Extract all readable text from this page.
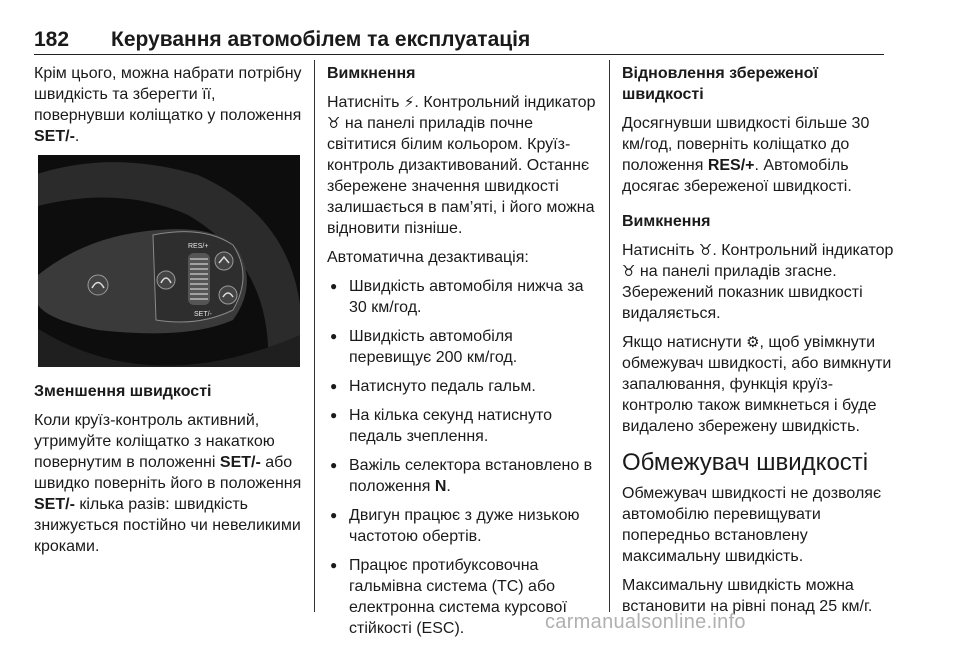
182 Керування автомобілем та експлуатація

Крім цього, можна набрати потрібну швидкість та зберегти її, повернувши коліщатко у положення SET/-.

RES/+
SET/-
Зменшення швидкості

Коли круїз-контроль активний, утримуйте коліщатко з накаткою повернутим в положенні SET/- або швидко поверніть його в положення SET/- кілька разів: швидкість знижується постійно чи невеликими кроками.

Вимкнення

Натисніть ⚡. Контрольний індикатор ♉ на панелі приладів почне світитися білим кольором. Круїз-контроль дизактивований. Останнє збережене значення швидкості залишається в пам’яті, і його можна відновити пізніше.

Автоматична дезактивація:

● Швидкість автомобіля нижча за 30 км/год.
● Швидкість автомобіля перевищує 200 км/год.
● Натиснуто педаль гальм.
● На кілька секунд натиснуто педаль зчеплення.
● Важіль селектора встановлено в положення N.
● Двигун працює з дуже низькою частотою обертів.
● Працює протибуксовочна гальмівна система (TC) або електронна система курсової стійкості (ESC).
Відновлення збереженої швидкості

Досягнувши швидкості більше 30 км/год, поверніть коліщатко до положення RES/+. Автомобіль досягає збереженої швидкості.

Вимкнення

Натисніть ♉. Контрольний індикатор ♉ на панелі приладів згасне. Збережений показник швидкості видаляється.

Якщо натиснути ⚙, щоб увімкнути обмежувач швидкості, або вимкнути запалювання, функція круїз-контролю також вимкнеться і буде видалено збережену швидкість.

Обмежувач швидкості

Обмежувач швидкості не дозволяє автомобілю перевищувати попередньо встановлену максимальну швидкість.

Максимальну швидкість можна встановити на рівні понад 25 км/г.

carmanualsonline.info
